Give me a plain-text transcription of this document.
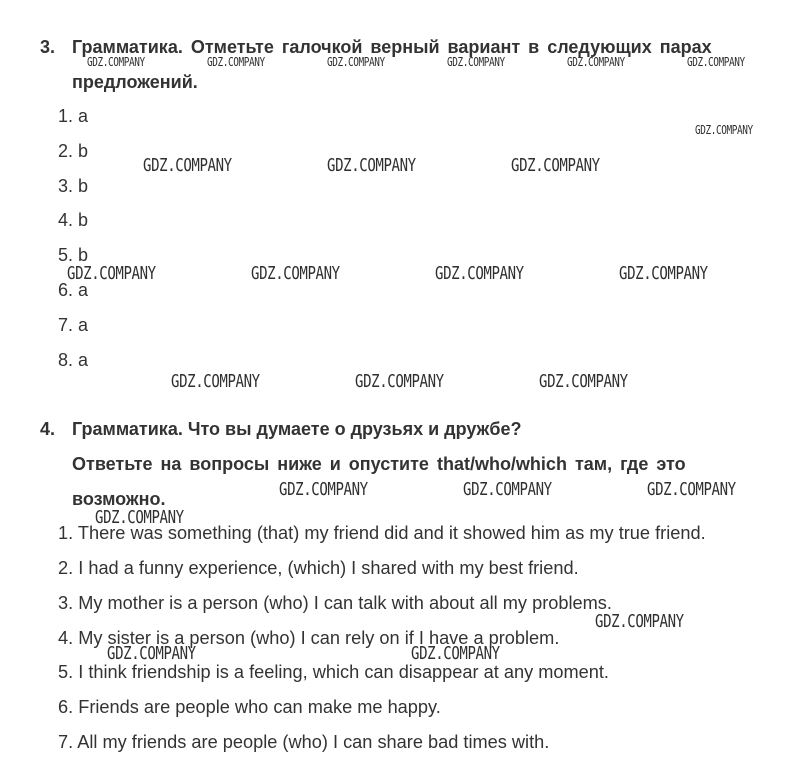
3. Грамматика. Отметьте галочкой верный вариант в следующих парах
предложений.
1. a
2. b
3. b
4. b
5. b
6. a
7. a
8. a
4. Грамматика. Что вы думаете о друзьях и дружбе?
Ответьте на вопросы ниже и опустите that/who/which там, где это
возможно.
1. There was something (that) my friend did and it showed him as my true friend.
2. I had a funny experience, (which) I shared with my best friend.
3. My mother is a person (who) I can talk with about all my problems.
4. My sister is a person (who) I can rely on if I have a problem.
5. I think friendship is a feeling, which can disappear at any moment.
6. Friends are people who can make me happy.
7. All my friends are people (who) I can share bad times with.
GDZ.COMPANY	GDZ.COMPANY	GDZ.COMPANY	GDZ.COMPANY	GDZ.COMPANY	GDZ.COMPANY
GDZ.COMPANY
GDZ.COMPANY	GDZ.COMPANY	GDZ.COMPANY
GDZ.COMPANY	GDZ.COMPANY	GDZ.COMPANY	GDZ.COMPANY
GDZ.COMPANY	GDZ.COMPANY	GDZ.COMPANY
GDZ.COMPANY	GDZ.COMPANY	GDZ.COMPANY
GDZ.COMPANY
GDZ.COMPANY
GDZ.COMPANY	GDZ.COMPANY
